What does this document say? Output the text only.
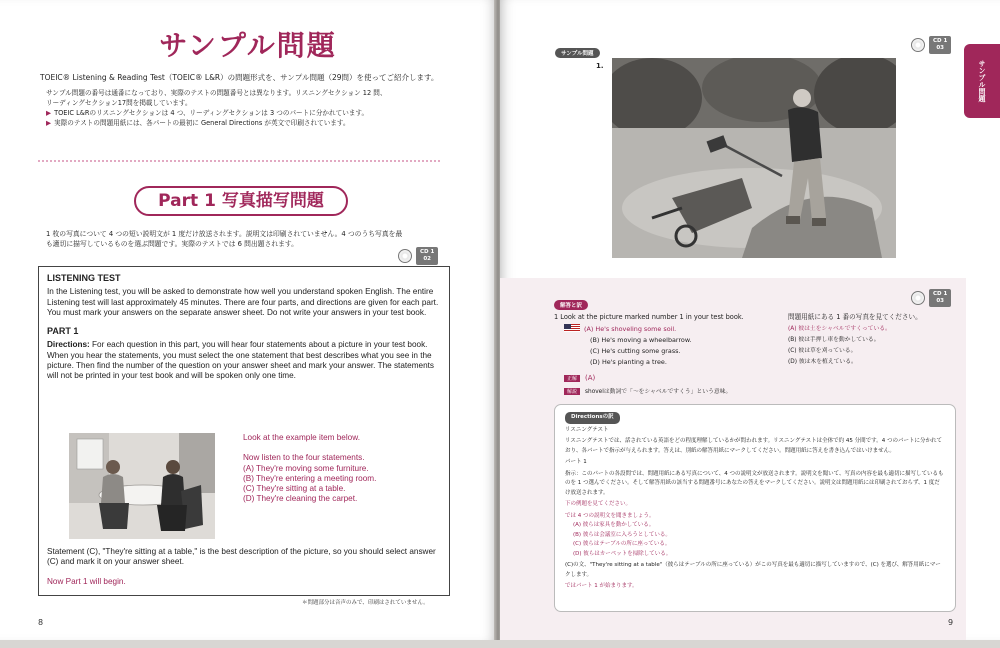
サンプル問題
TOEIC® Listening & Reading Test（TOEIC® L&R）の問題形式を、サンプル問題（29問）を使ってご紹介します。
サンプル問題の番号は通番になっており、実際のテストの問題番号とは異なります。リスニングセクション 12 問、
リーディングセクション17問を掲載しています。
▶ TOEIC L&Rのリスニングセクションは 4 つ、リーディングセクションは 3 つのパートに分かれています。
▶ 実際のテストの問題用紙には、各パートの最初に General Directions が英文で印刷されています。
Part 1 写真描写問題
1 枚の写真について 4 つの短い説明文が 1 度だけ放送されます。説明文は印刷されていません。4 つのうち写真を最
も適切に描写しているものを選ぶ問題です。実際のテストでは 6 問出題されます。
CD 1
02
LISTENING TEST
In the Listening test, you will be asked to demonstrate how well you understand spoken English. The entire Listening test will last approximately 45 minutes. There are four parts, and directions are given for each part. You must mark your answers on the separate answer sheet. Do not write your answers in your test book.
PART 1
Directions: For each question in this part, you will hear four statements about a picture in your test book. When you hear the statements, you must select the one statement that best describes what you see in the picture. Then find the number of the question on your answer sheet and mark your answer. The statements will not be printed in your test book and will be spoken only one time.
Look at the example item below.
Now listen to the four statements.
(A) They're moving some furniture.
(B) They're entering a meeting room.
(C) They're sitting at a table.
(D) They're cleaning the carpet.
Statement (C), "They're sitting at a table," is the best description of the picture, so you should select answer (C) and mark it on your answer sheet.
Now Part 1 will begin.
＊問題部分は音声のみで、印刷はされていません。
8
サンプル問題
CD 1
03
サンプル問題
1.
解答と訳
CD 1
03
1 Look at the picture marked number 1 in your test book.	問題用紙にある 1 番の写真を見てください。
(A) He's shoveling some soil.
(B) He's moving a wheelbarrow.
(C) He's cutting some grass.
(D) He's planting a tree.
(A) 彼は土をシャベルですくっている。
(B) 彼は手押し車を動かしている。
(C) 彼は草を刈っている。
(D) 彼は木を植えている。
正解 (A)
解説 shovelは動詞で「～をシャベルですくう」という意味。
Directionsの訳

リスニングテスト

リスニングテストでは、話されている英語をどの程度理解しているかが問われます。リスニングテストは全体で約 45 分間です。4 つのパートに分かれており、各パートで指示が与えられます。答えは、別紙の解答用紙にマークしてください。問題用紙に答えを書き込んではいけません。

パート 1

指示：このパートの各設問では、問題用紙にある写真について、4 つの説明文が放送されます。説明文を聞いて、写真の内容を最も適切に描写しているものを 1 つ選んでください。そして解答用紙の該当する問題番号にあなたの答えをマークしてください。説明文は問題用紙には印刷されておらず、1 度だけ放送されます。

下の例題を見てください。

では 4 つの説明文を聞きましょう。

(A) 彼らは家具を動かしている。
(B) 彼らは会議室に入ろうとしている。
(C) 彼らはテーブルの所に座っている。
(D) 彼らはカーペットを掃除している。

(C)の文、"They're sitting at a table"（彼らはテーブルの所に座っている）がこの写真を最も適切に描写していますので、(C) を選び、解答用紙にマークします。

ではパート 1 が始まります。

9
